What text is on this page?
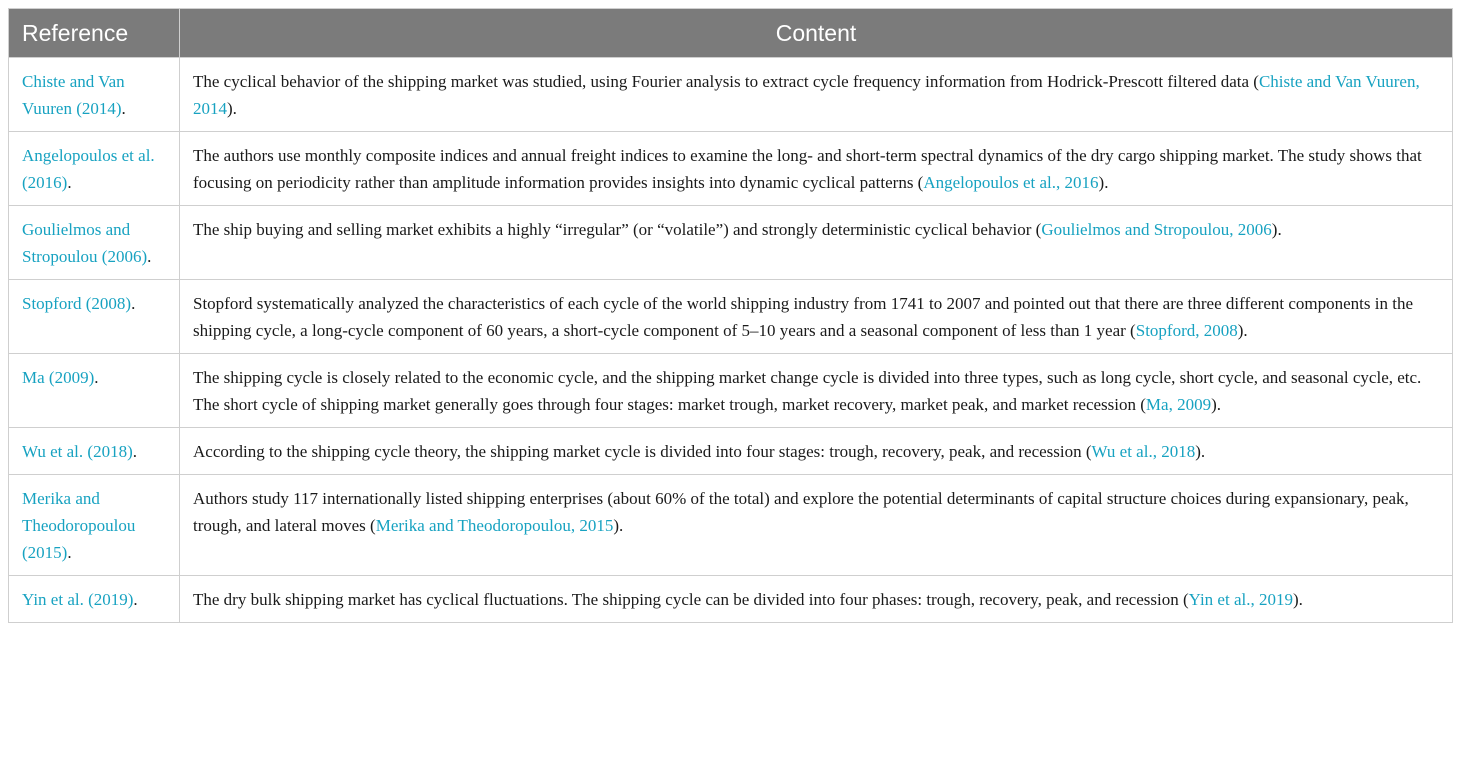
Reference	Content
Chiste and Van Vuuren (2014).	The cyclical behavior of the shipping market was studied, using Fourier analysis to extract cycle frequency information from Hodrick-Prescott filtered data (Chiste and Van Vuuren, 2014).
Angelopoulos et al. (2016).	The authors use monthly composite indices and annual freight indices to examine the long- and short-term spectral dynamics of the dry cargo shipping market. The study shows that focusing on periodicity rather than amplitude information provides insights into dynamic cyclical patterns (Angelopoulos et al., 2016).
Goulielmos and Stropoulou (2006).	The ship buying and selling market exhibits a highly “irregular” (or “volatile”) and strongly deterministic cyclical behavior (Goulielmos and Stropoulou, 2006).
Stopford (2008).	Stopford systematically analyzed the characteristics of each cycle of the world shipping industry from 1741 to 2007 and pointed out that there are three different components in the shipping cycle, a long-cycle component of 60 years, a short-cycle component of 5–10 years and a seasonal component of less than 1 year (Stopford, 2008).
Ma (2009).	The shipping cycle is closely related to the economic cycle, and the shipping market change cycle is divided into three types, such as long cycle, short cycle, and seasonal cycle, etc. The short cycle of shipping market generally goes through four stages: market trough, market recovery, market peak, and market recession (Ma, 2009).
Wu et al. (2018).	According to the shipping cycle theory, the shipping market cycle is divided into four stages: trough, recovery, peak, and recession (Wu et al., 2018).
Merika and Theodoropoulou (2015).	Authors study 117 internationally listed shipping enterprises (about 60% of the total) and explore the potential determinants of capital structure choices during expansionary, peak, trough, and lateral moves (Merika and Theodoropoulou, 2015).
Yin et al. (2019).	The dry bulk shipping market has cyclical fluctuations. The shipping cycle can be divided into four phases: trough, recovery, peak, and recession (Yin et al., 2019).
